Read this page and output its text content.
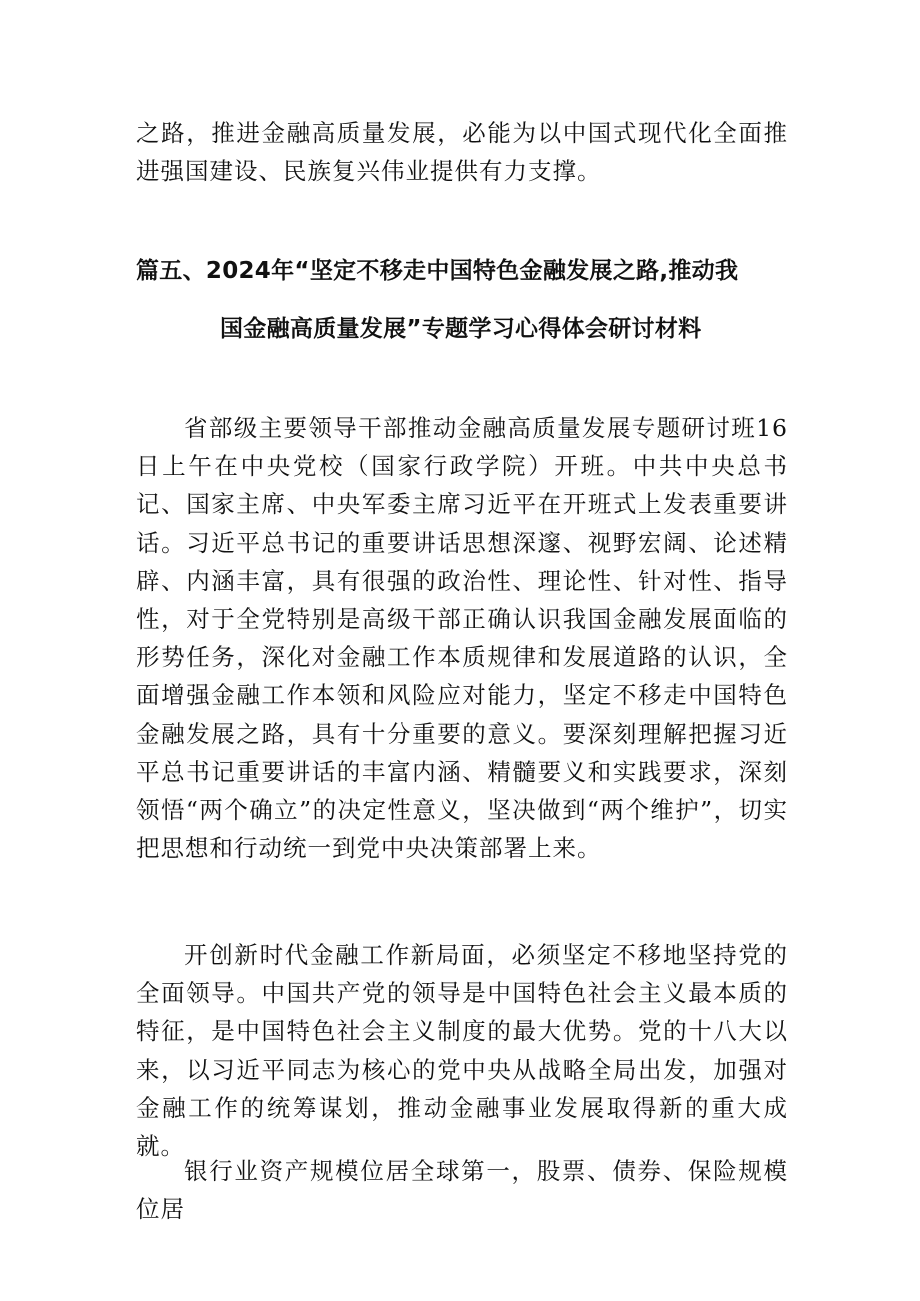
之路，推进金融高质量发展，必能为以中国式现代化全面推进强国建设、民族复兴伟业提供有力支撑。

篇五、2024年“坚定不移走中国特色金融发展之路,推动我
国金融高质量发展”专题学习心得体会研讨材料

省部级主要领导干部推动金融高质量发展专题研讨班16日上午在中央党校（国家行政学院）开班。中共中央总书记、国家主席、中央军委主席习近平在开班式上发表重要讲话。习近平总书记的重要讲话思想深邃、视野宏阔、论述精辟、内涵丰富，具有很强的政治性、理论性、针对性、指导性，对于全党特别是高级干部正确认识我国金融发展面临的形势任务，深化对金融工作本质规律和发展道路的认识，全面增强金融工作本领和风险应对能力，坚定不移走中国特色金融发展之路，具有十分重要的意义。要深刻理解把握习近平总书记重要讲话的丰富内涵、精髓要义和实践要求，深刻领悟“两个确立”的决定性意义，坚决做到“两个维护”，切实把思想和行动统一到党中央决策部署上来。

开创新时代金融工作新局面，必须坚定不移地坚持党的全面领导。中国共产党的领导是中国特色社会主义最本质的特征，是中国特色社会主义制度的最大优势。党的十八大以来，以习近平同志为核心的党中央从战略全局出发，加强对金融工作的统筹谋划，推动金融事业发展取得新的重大成就。

银行业资产规模位居全球第一，股票、债券、保险规模位居
